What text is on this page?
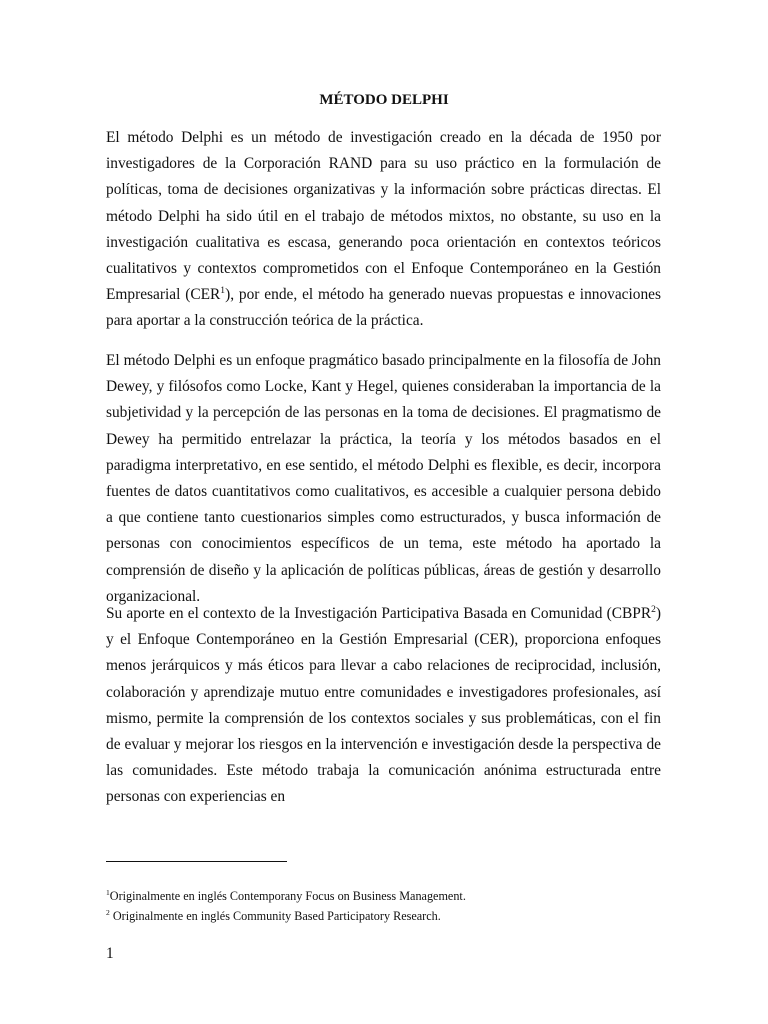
MÉTODO DELPHI

El método Delphi es un método de investigación creado en la década de 1950 por investigadores de la Corporación RAND para su uso práctico en la formulación de políticas, toma de decisiones organizativas y la información sobre prácticas directas. El método Delphi ha sido útil en el trabajo de métodos mixtos, no obstante, su uso en la investigación cualitativa es escasa, generando poca orientación en contextos teóricos cualitativos y contextos comprometidos con el Enfoque Contemporáneo en la Gestión Empresarial (CER$^1$), por ende, el método ha generado nuevas propuestas e innovaciones para aportar a la construcción teórica de la práctica.

El método Delphi es un enfoque pragmático basado principalmente en la filosofía de John Dewey, y filósofos como Locke, Kant y Hegel, quienes consideraban la importancia de la subjetividad y la percepción de las personas en la toma de decisiones. El pragmatismo de Dewey ha permitido entrelazar la práctica, la teoría y los métodos basados en el paradigma interpretativo, en ese sentido, el método Delphi es flexible, es decir, incorpora fuentes de datos cuantitativos como cualitativos, es accesible a cualquier persona debido a que contiene tanto cuestionarios simples como estructurados, y busca información de personas con conocimientos específicos de un tema, este método ha aportado la comprensión de diseño y la aplicación de políticas públicas, áreas de gestión y desarrollo organizacional.

Su aporte en el contexto de la Investigación Participativa Basada en Comunidad (CBPR$^2$) y el Enfoque Contemporáneo en la Gestión Empresarial (CER), proporciona enfoques menos jerárquicos y más éticos para llevar a cabo relaciones de reciprocidad, inclusión, colaboración y aprendizaje mutuo entre comunidades e investigadores profesionales, así mismo, permite la comprensión de los contextos sociales y sus problemáticas, con el fin de evaluar y mejorar los riesgos en la intervención e investigación desde la perspectiva de las comunidades. Este método trabaja la comunicación anónima estructurada entre personas con experiencias en

$^1$Originalmente en inglés Contemporany Focus on Business Management.

$^2$ Originalmente en inglés Community Based Participatory Research.

1
